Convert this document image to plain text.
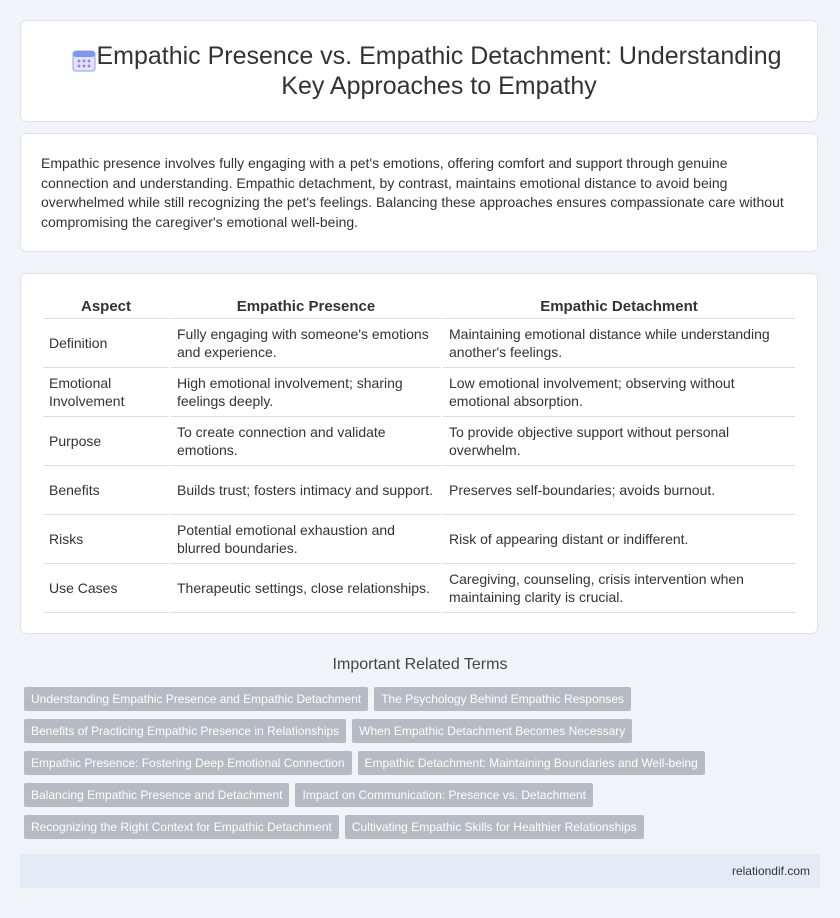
Empathic Presence vs. Empathic Detachment: Understanding Key Approaches to Empathy

Empathic presence involves fully engaging with a pet's emotions, offering comfort and support through genuine connection and understanding. Empathic detachment, by contrast, maintains emotional distance to avoid being overwhelmed while still recognizing the pet's feelings. Balancing these approaches ensures compassionate care without compromising the caregiver's emotional well-being.

Aspect	Empathic Presence	Empathic Detachment
Definition	Fully engaging with someone's emotions and experience.	Maintaining emotional distance while understanding another's feelings.
Emotional Involvement	High emotional involvement; sharing feelings deeply.	Low emotional involvement; observing without emotional absorption.
Purpose	To create connection and validate emotions.	To provide objective support without personal overwhelm.
Benefits	Builds trust; fosters intimacy and support.	Preserves self-boundaries; avoids burnout.
Risks	Potential emotional exhaustion and blurred boundaries.	Risk of appearing distant or indifferent.
Use Cases	Therapeutic settings, close relationships.	Caregiving, counseling, crisis intervention when maintaining clarity is crucial.
Important Related Terms
Understanding Empathic Presence and Empathic Detachment The Psychology Behind Empathic Responses
Benefits of Practicing Empathic Presence in Relationships When Empathic Detachment Becomes Necessary
Empathic Presence: Fostering Deep Emotional Connection Empathic Detachment: Maintaining Boundaries and Well-being
Balancing Empathic Presence and Detachment Impact on Communication: Presence vs. Detachment
Recognizing the Right Context for Empathic Detachment Cultivating Empathic Skills for Healthier Relationships
relationdif.com
